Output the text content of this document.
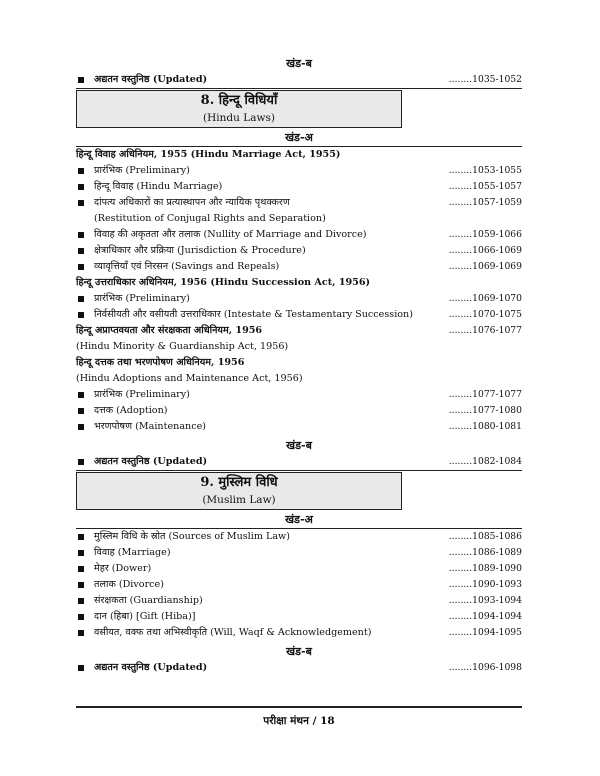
खंड-ब
अद्यतन वस्तुनिष्ठ (Updated)	........1035-1052
8. हिन्दू विधियाँ
(Hindu Laws)
खंड-अ
हिन्दू विवाह अधिनियम, 1955 (Hindu Marriage Act, 1955)
प्रारंभिक (Preliminary)	........1053-1055
हिन्दू विवाह (Hindu Marriage)	........1055-1057
दांपत्य अधिकारों का प्रत्यास्थापन और न्यायिक पृथक्करण	........1057-1059
(Restitution of Conjugal Rights and Separation)
विवाह की अकृतता और तलाक (Nullity of Marriage and Divorce)	........1059-1066
क्षेत्राधिकार और प्रक्रिया (Jurisdiction & Procedure)	........1066-1069
व्यावृत्तियाँ एवं निरसन (Savings and Repeals)	........1069-1069
हिन्दू उत्तराधिकार अधिनियम, 1956 (Hindu Succession Act, 1956)
प्रारंभिक (Preliminary)	........1069-1070
निर्वसीयती और वसीयती उत्तराधिकार (Intestate & Testamentary Succession)	........1070-1075
हिन्दू अप्राप्तवयता और संरक्षकता अधिनियम, 1956	........1076-1077
(Hindu Minority & Guardianship Act, 1956)
हिन्दू दत्तक तथा भरणपोषण अधिनियम, 1956
(Hindu Adoptions and Maintenance Act, 1956)
प्रारंभिक (Preliminary)	........1077-1077
दत्तक (Adoption)	........1077-1080
भरणपोषण (Maintenance)	........1080-1081
खंड-ब
अद्यतन वस्तुनिष्ठ (Updated)	........1082-1084
9. मुस्लिम विधि
(Muslim Law)
खंड-अ
मुस्लिम विधि के स्रोत (Sources of Muslim Law)	........1085-1086
विवाह (Marriage)	........1086-1089
मेहर (Dower)	........1089-1090
तलाक (Divorce)	........1090-1093
संरक्षकता (Guardianship)	........1093-1094
दान (हिबा) [Gift (Hiba)]	........1094-1094
वसीयत, वक्फ तथा अभिस्वीकृति (Will, Waqf & Acknowledgement)	........1094-1095
खंड-ब
अद्यतन वस्तुनिष्ठ (Updated)	........1096-1098
परीक्षा मंथन / 18
